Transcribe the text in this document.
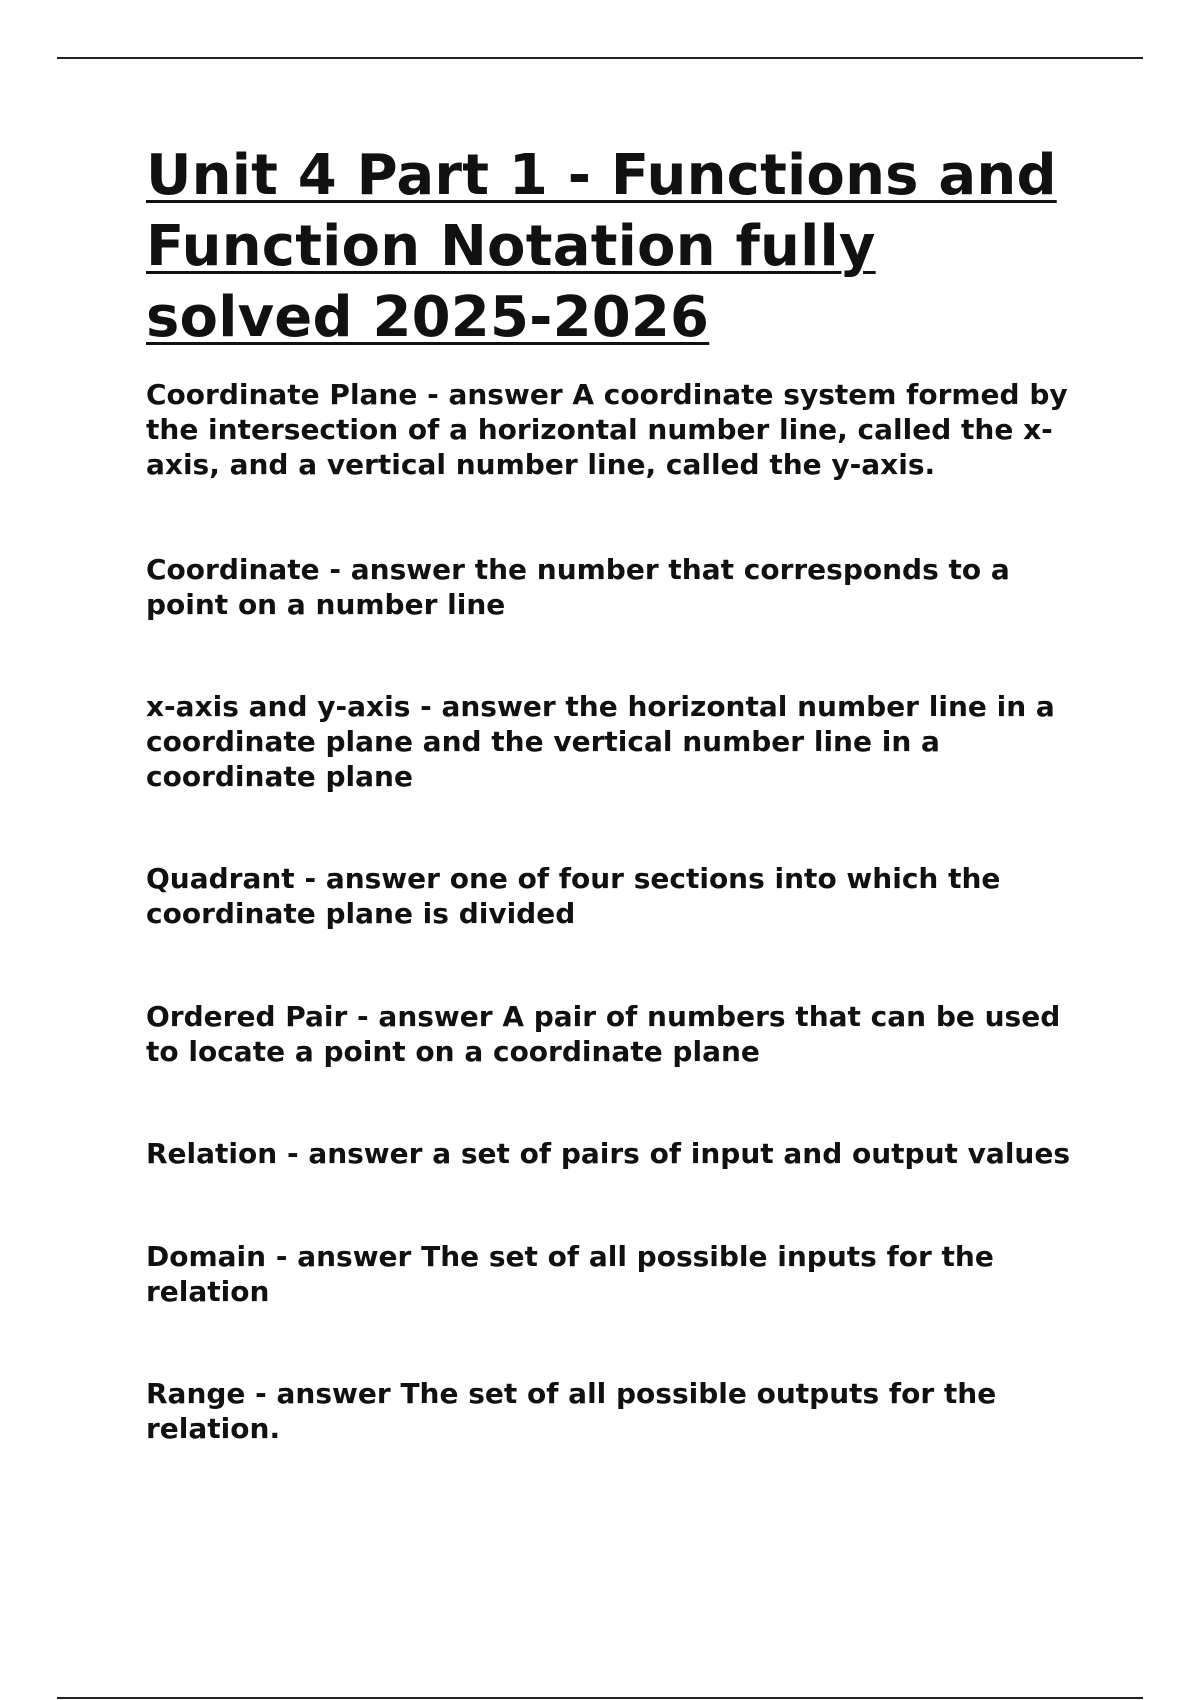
Unit 4 Part 1 - Functions and Function Notation fully solved 2025-2026

Coordinate Plane - answer A coordinate system formed by the intersection of a horizontal number line, called the x-axis, and a vertical number line, called the y-axis.

Coordinate - answer the number that corresponds to a point on a number line

x-axis and y-axis - answer the horizontal number line in a coordinate plane and the vertical number line in a coordinate plane

Quadrant - answer one of four sections into which the coordinate plane is divided

Ordered Pair - answer A pair of numbers that can be used to locate a point on a coordinate plane

Relation - answer a set of pairs of input and output values

Domain - answer The set of all possible inputs for the relation

Range - answer The set of all possible outputs for the relation.
